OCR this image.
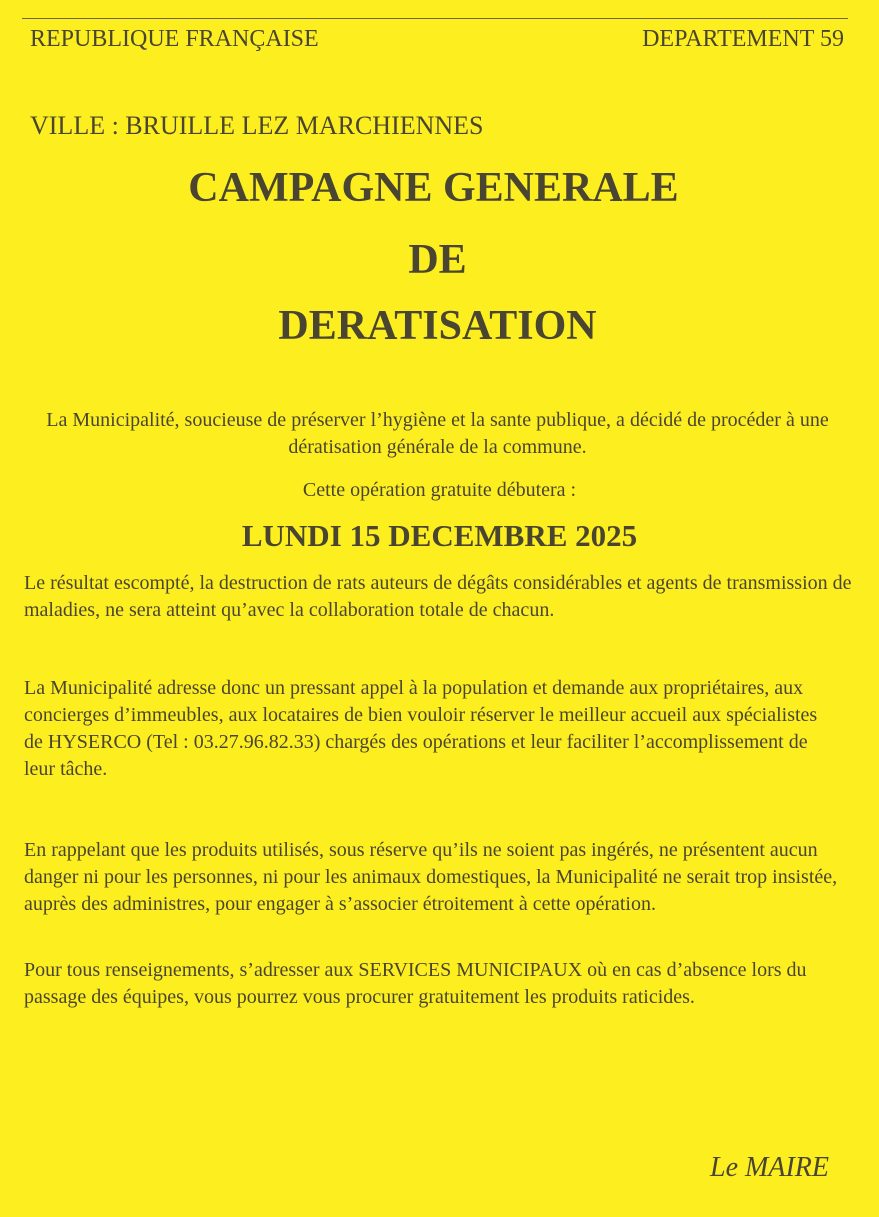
REPUBLIQUE FRANÇAISE	DEPARTEMENT 59
VILLE : BRUILLE LEZ MARCHIENNES
CAMPAGNE GENERALE
DE
DERATISATION
La Municipalité, soucieuse de préserver l’hygiène et la sante publique, a décidé de procéder à une dératisation générale de la commune.
Cette opération gratuite débutera :
LUNDI 15 DECEMBRE 2025
Le résultat escompté, la destruction de rats auteurs de dégâts considérables et agents de transmission de maladies, ne sera atteint qu’avec la collaboration totale de chacun.
La Municipalité adresse donc un pressant appel à la population et demande aux propriétaires, aux concierges d’immeubles, aux locataires de bien vouloir réserver le meilleur accueil aux spécialistes de HYSERCO (Tel : 03.27.96.82.33) chargés des opérations et leur faciliter l’accomplissement de leur tâche.
En rappelant que les produits utilisés, sous réserve qu’ils ne soient pas ingérés, ne présentent aucun danger ni pour les personnes, ni pour les animaux domestiques, la Municipalité ne serait trop insistée, auprès des administres, pour engager à s’associer étroitement à cette opération.
Pour tous renseignements, s’adresser aux SERVICES MUNICIPAUX où en cas d’absence lors du passage des équipes, vous pourrez vous procurer gratuitement les produits raticides.
Le MAIRE
